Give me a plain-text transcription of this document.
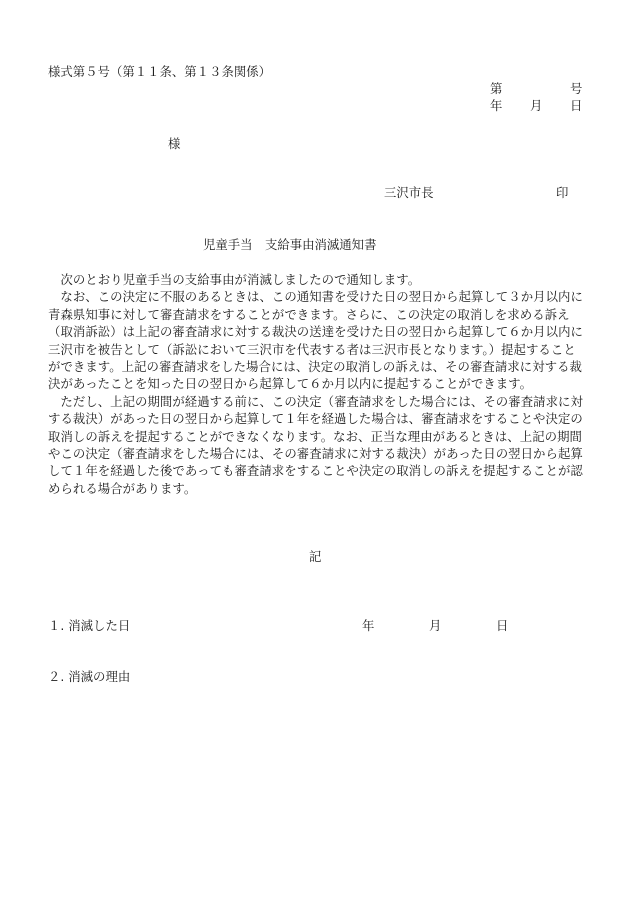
様式第５号（第１１条、第１３条関係）
第	号
年 月 日
様
三沢市長	印
児童手当　支給事由消滅通知書

次のとおり児童手当の支給事由が消滅しましたので通知します。

なお、この決定に不服のあるときは、この通知書を受けた日の翌日から起算して３か月以内に青森県知事に対して審査請求をすることができます。さらに、この決定の取消しを求める訴え（取消訴訟）は上記の審査請求に対する裁決の送達を受けた日の翌日から起算して６か月以内に三沢市を被告として（訴訟において三沢市を代表する者は三沢市長となります。）提起することができます。上記の審査請求をした場合には、決定の取消しの訴えは、その審査請求に対する裁決があったことを知った日の翌日から起算して６か月以内に提起することができます。

ただし、上記の期間が経過する前に、この決定（審査請求をした場合には、その審査請求に対する裁決）があった日の翌日から起算して１年を経過した場合は、審査請求をすることや決定の取消しの訴えを提起することができなくなります。なお、正当な理由があるときは、上記の期間やこの決定（審査請求をした場合には、その審査請求に対する裁決）があった日の翌日から起算して１年を経過した後であっても審査請求をすることや決定の取消しの訴えを提起することが認められる場合があります。

記
１. 消滅した日	年	月	日
２. 消滅の理由
